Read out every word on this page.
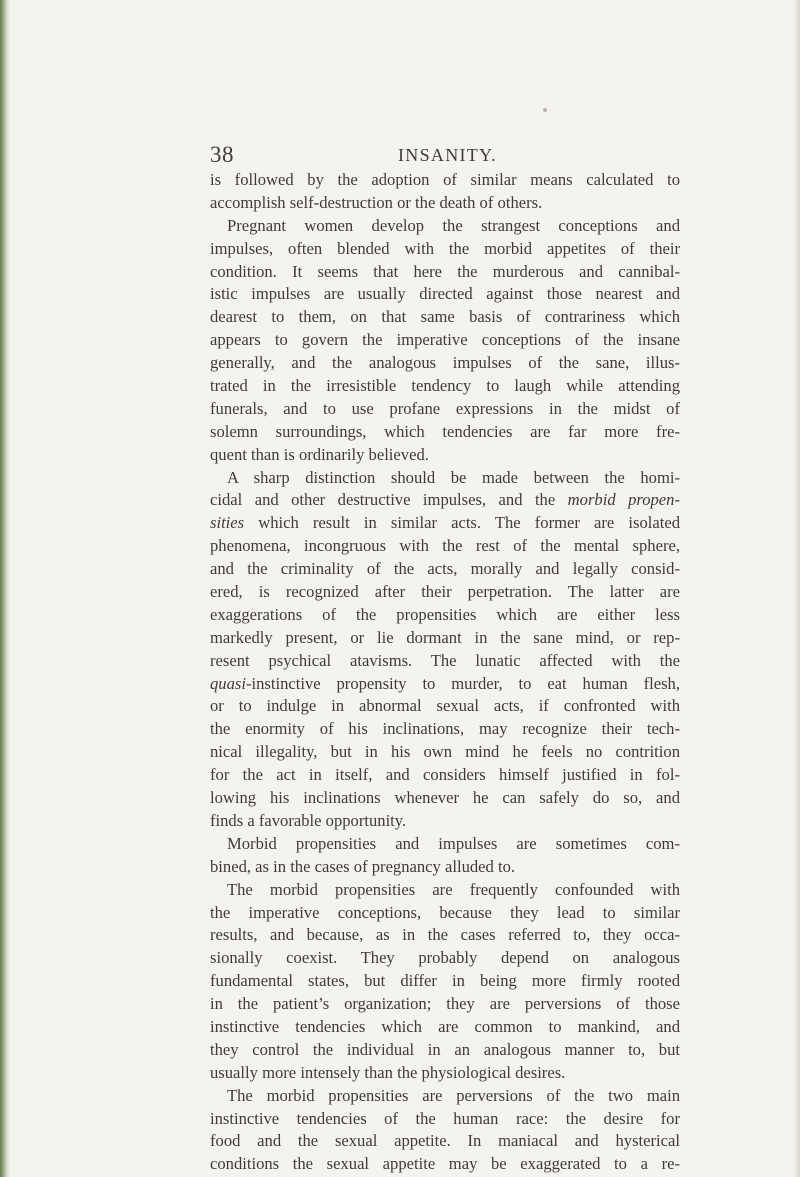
38	INSANITY.
is followed by the adoption of similar means calculated to
accomplish self-destruction or the death of others.
Pregnant women develop the strangest conceptions and
impulses, often blended with the morbid appetites of their
condition. It seems that here the murderous and cannibal-
istic impulses are usually directed against those nearest and
dearest to them, on that same basis of contrariness which
appears to govern the imperative conceptions of the insane
generally, and the analogous impulses of the sane, illus-
trated in the irresistible tendency to laugh while attending
funerals, and to use profane expressions in the midst of
solemn surroundings, which tendencies are far more fre-
quent than is ordinarily believed.
A sharp distinction should be made between the homi-
cidal and other destructive impulses, and the morbid propen-
sities which result in similar acts. The former are isolated
phenomena, incongruous with the rest of the mental sphere,
and the criminality of the acts, morally and legally consid-
ered, is recognized after their perpetration. The latter are
exaggerations of the propensities which are either less
markedly present, or lie dormant in the sane mind, or rep-
resent psychical atavisms. The lunatic affected with the
quasi-instinctive propensity to murder, to eat human flesh,
or to indulge in abnormal sexual acts, if confronted with
the enormity of his inclinations, may recognize their tech-
nical illegality, but in his own mind he feels no contrition
for the act in itself, and considers himself justified in fol-
lowing his inclinations whenever he can safely do so, and
finds a favorable opportunity.
Morbid propensities and impulses are sometimes com-
bined, as in the cases of pregnancy alluded to.
The morbid propensities are frequently confounded with
the imperative conceptions, because they lead to similar
results, and because, as in the cases referred to, they occa-
sionally coexist. They probably depend on analogous
fundamental states, but differ in being more firmly rooted
in the patient’s organization; they are perversions of those
instinctive tendencies which are common to mankind, and
they control the individual in an analogous manner to, but
usually more intensely than the physiological desires.
The morbid propensities are perversions of the two main
instinctive tendencies of the human race: the desire for
food and the sexual appetite. In maniacal and hysterical
conditions the sexual appetite may be exaggerated to a re-
